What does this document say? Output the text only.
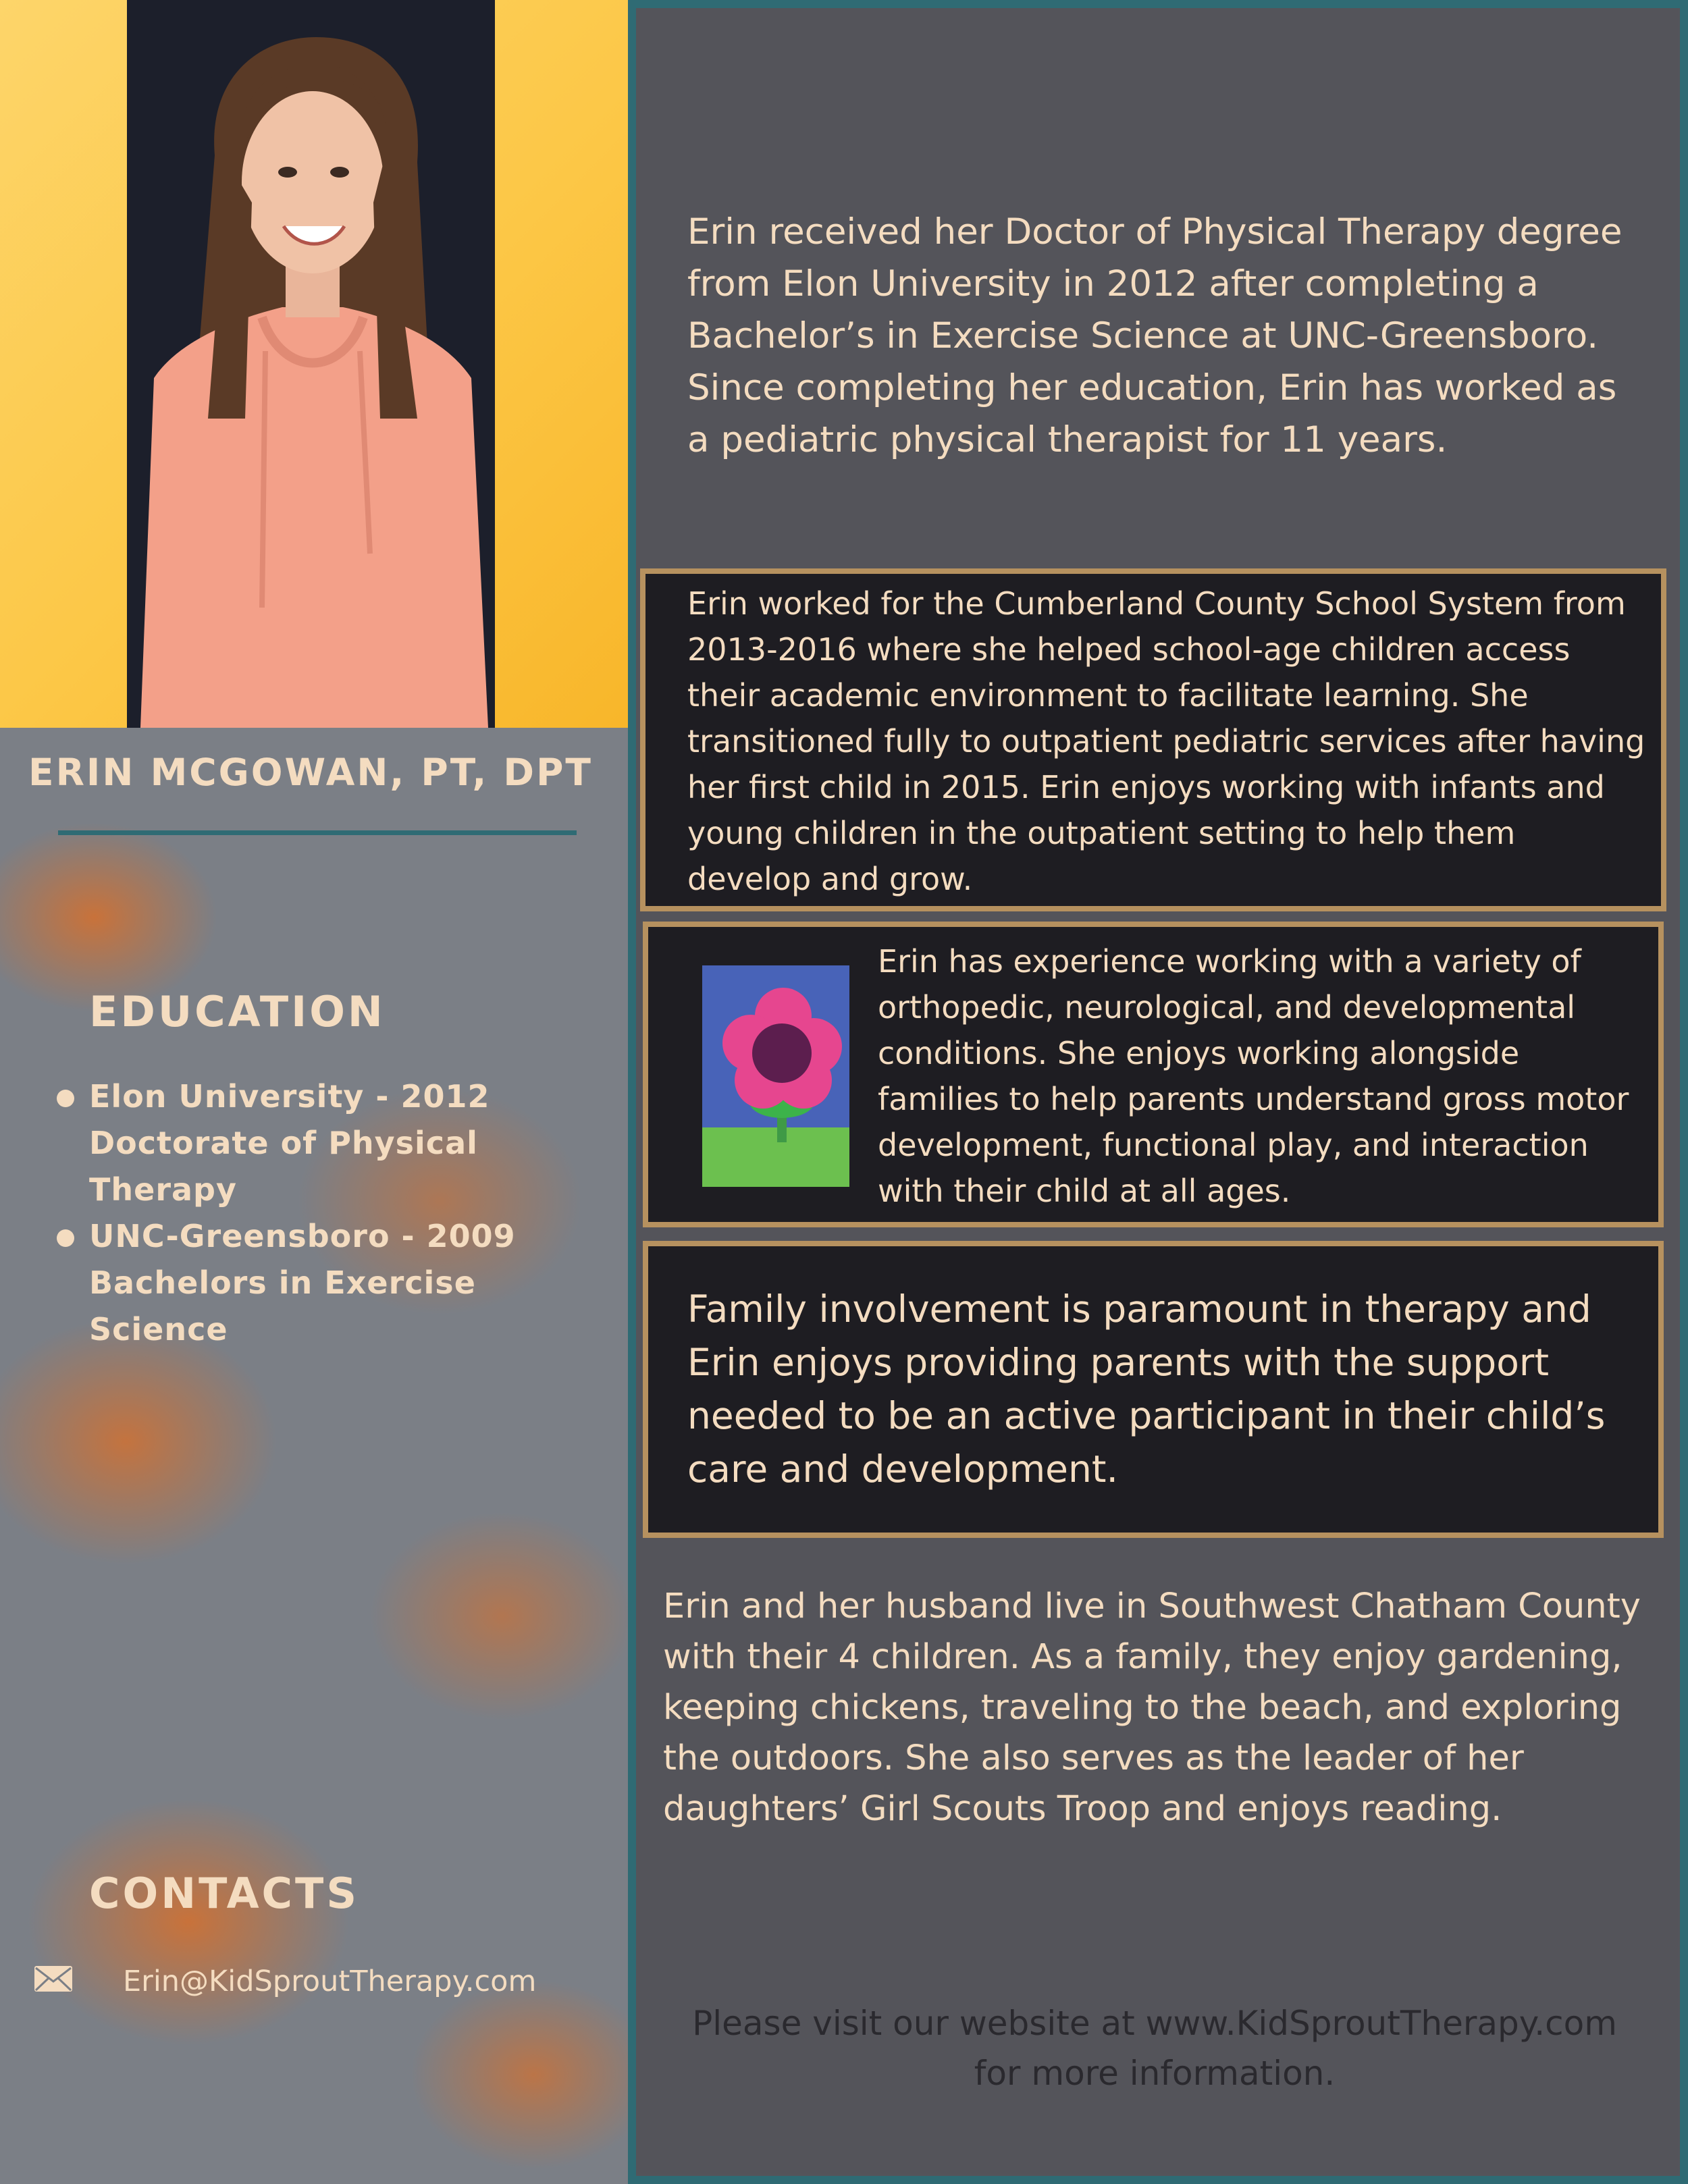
ERIN MCGOWAN, PT, DPT
EDUCATION
Elon University - 2012
Doctorate of Physical Therapy
UNC-Greensboro - 2009
Bachelors in Exercise Science
CONTACTS
Erin@KidSproutTherapy.com

Erin received her Doctor of Physical Therapy degree from Elon University in 2012 after completing a Bachelor’s in Exercise Science at UNC-Greensboro. Since completing her education, Erin has worked as a pediatric physical therapist for 11 years.

Erin worked for the Cumberland County School System from 2013-2016 where she helped school-age children access their academic environment to facilitate learning. She transitioned fully to outpatient pediatric services after having her first child in 2015. Erin enjoys working with infants and young children in the outpatient setting to help them develop and grow.

Erin has experience working with a variety of orthopedic, neurological, and developmental conditions. She enjoys working alongside families to help parents understand gross motor development, functional play, and interaction with their child at all ages.

Family involvement is paramount in therapy and Erin enjoys providing parents with the support needed to be an active participant in their child’s care and development.

Erin and her husband live in Southwest Chatham County with their 4 children. As a family, they enjoy gardening, keeping chickens, traveling to the beach, and exploring the outdoors. She also serves as the leader of her daughters’ Girl Scouts Troop and enjoys reading.

Please visit our website at www.KidSproutTherapy.com
for more information.
